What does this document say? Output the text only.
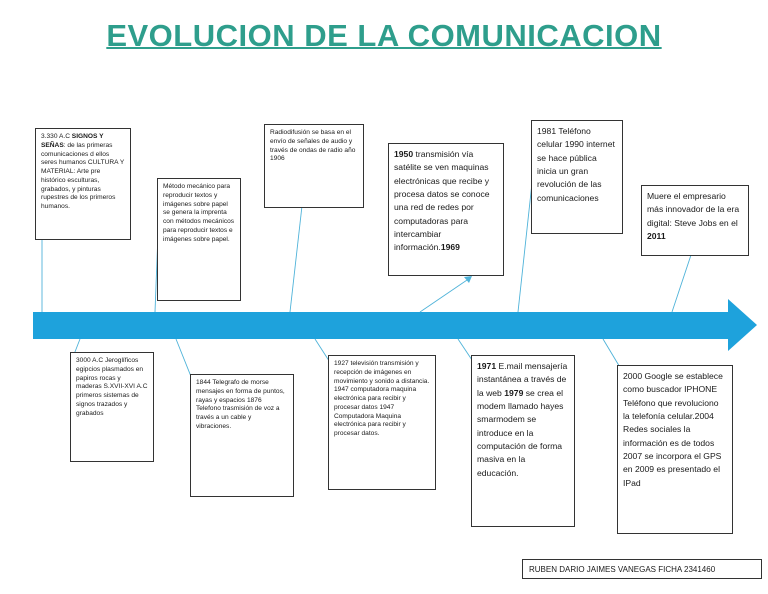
EVOLUCION DE LA COMUNICACION
3.330 A.C SIGNOS Y SEÑAS: de las primeras comunicaciones d ellos seres humanos CULTURA Y MATERIAL: Arte pre histórico esculturas, grabados, y pinturas rupestres de los primeros humanos.
3000 A.C Jeroglíficos egipcios plasmados en papiros rocas y maderas S.XVII-XVI A.C primeros sistemas de signos trazados y grabados
Método mecánico para reproducir textos y imágenes sobre papel se genera la imprenta con métodos mecánicos para reproducir textos e imágenes sobre papel.
1844 Telegrafo de morse mensajes en forma de puntos, rayas y espacios 1876 Telefono trasmisión de voz a través a un cable y vibraciones.
Radiodifusión se basa en el envío de señales de audio y través de ondas de radio año 1906
1927 televisión transmisión y recepción de imágenes en movimiento y sonido a distancia. 1947 computadora maquina electrónica para recibir y procesar datos 1947 Computadora Maquina electrónica para recibir y procesar datos.
1950 transmisión vía satélite se ven maquinas electrónicas que recibe y procesa datos se conoce una red de redes por computadoras para intercambiar información.1969
1971 E.mail mensajería instantánea a través de la web 1979 se crea el modem llamado hayes smarmodem se introduce en la computación de forma masiva en la educación.
1981 Teléfono celular 1990 internet se hace pública inicia un gran revolución de las comunicaciones
2000 Google se establece como buscador IPHONE Teléfono que revoluciono la telefonía celular.2004 Redes sociales la información es de todos 2007 se incorpora el GPS en 2009 es presentado el IPad
Muere el empresario más innovador de la era digital: Steve Jobs en el 2011
RUBEN DARIO JAIMES VANEGAS FICHA 2341460
